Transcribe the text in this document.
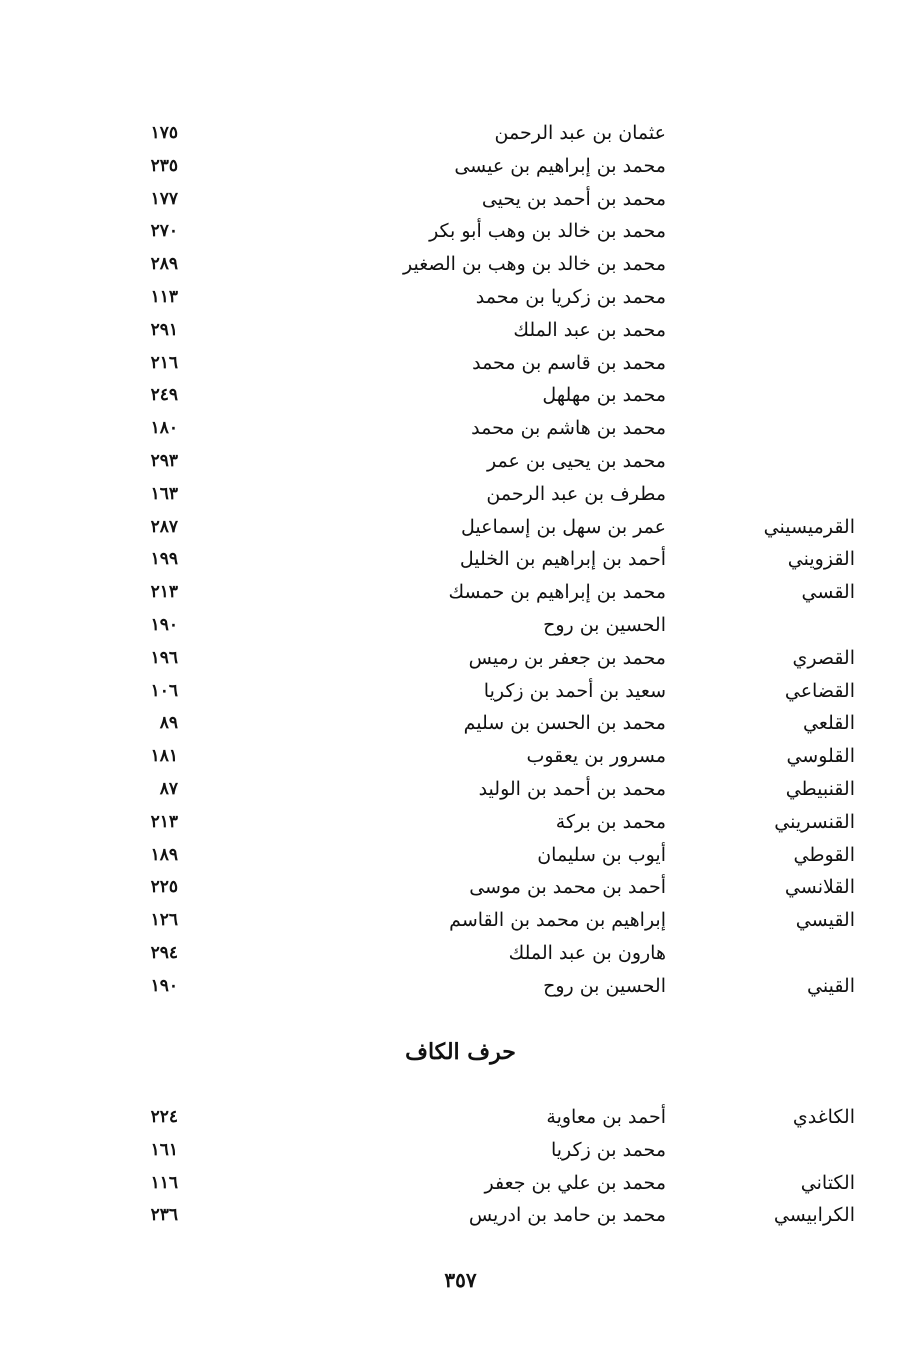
عثمان بن عبد الرحمن
١٧٥
محمد بن إبراهيم بن عيسى
٢٣٥
محمد بن أحمد بن يحيى
١٧٧
محمد بن خالد بن وهب أبو بكر
٢٧٠
محمد بن خالد بن وهب بن الصغير
٢٨٩
محمد بن زكريا بن محمد
١١٣
محمد بن عبد الملك
٢٩١
محمد بن قاسم بن محمد
٢١٦
محمد بن مهلهل
٢٤٩
محمد بن هاشم بن محمد
١٨٠
محمد بن يحيى بن عمر
٢٩٣
مطرف بن عبد الرحمن
١٦٣
القرميسيني
عمر بن سهل بن إسماعيل
٢٨٧
القزويني
أحمد بن إبراهيم بن الخليل
١٩٩
القسي
محمد بن إبراهيم بن حمسك
٢١٣
الحسين بن روح
١٩٠
القصري
محمد بن جعفر بن رميس
١٩٦
القضاعي
سعيد بن أحمد بن زكريا
١٠٦
القلعي
محمد بن الحسن بن سليم
٨٩
القلوسي
مسرور بن يعقوب
١٨١
القنبيطي
محمد بن أحمد بن الوليد
٨٧
القنسريني
محمد بن بركة
٢١٣
القوطي
أيوب بن سليمان
١٨٩
القلانسي
أحمد بن محمد بن موسى
٢٢٥
القيسي
إبراهيم بن محمد بن القاسم
١٢٦
هارون بن عبد الملك
٢٩٤
القيني
الحسين بن روح
١٩٠
حرف الكاف
الكاغدي
أحمد بن معاوية
٢٢٤
محمد بن زكريا
١٦١
الكتاني
محمد بن علي بن جعفر
١١٦
الكرابيسي
محمد بن حامد بن ادريس
٢٣٦
٣٥٧
